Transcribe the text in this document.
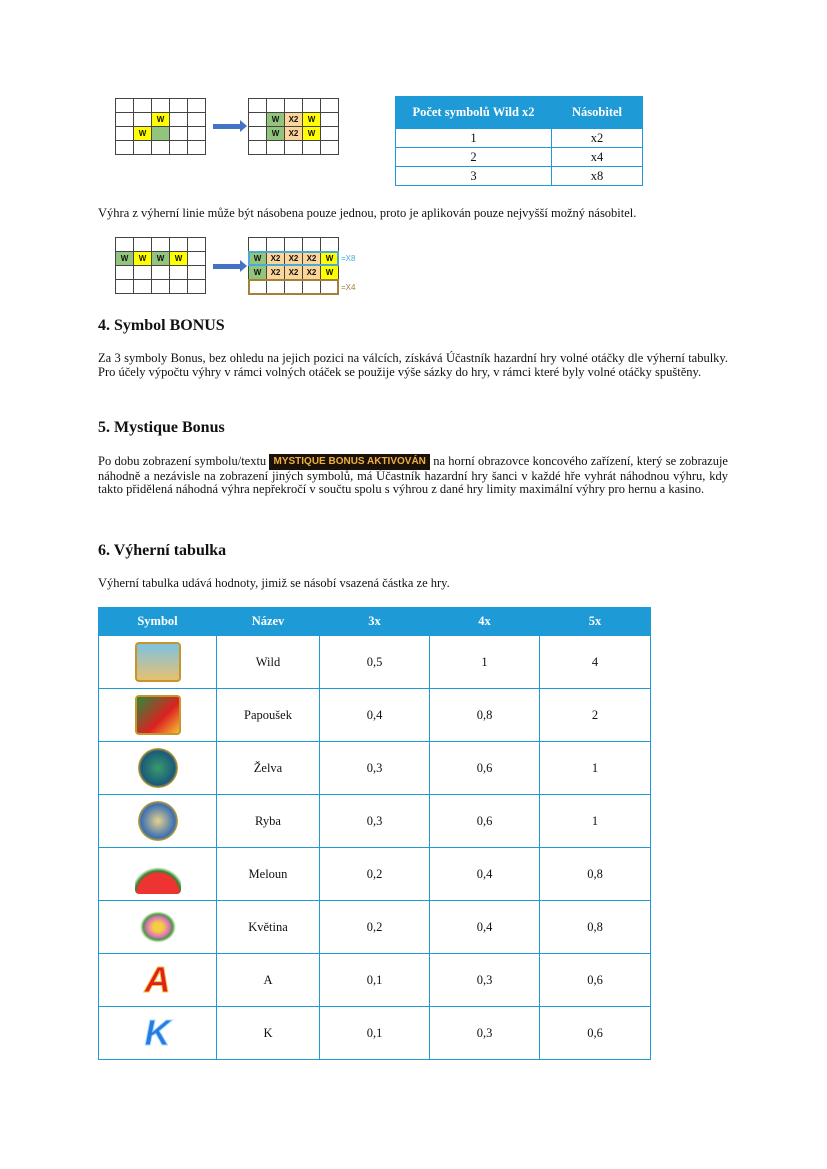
W
W
W	X2	W
W	X2	W
Počet symbolů Wild x2	Násobitel
1	x2
2	x4
3	x8

Výhra z výherní linie může být násobena pouze jednou, proto je aplikován pouze nejvyšší možný násobitel.

W	W	W	W	W	X2	X2	X2	W
W	X2	X2	X2	W
=X8
=X4
4. Symbol BONUS

Za 3 symboly Bonus, bez ohledu na jejich pozici na válcích, získává Účastník hazardní hry volné otáčky dle výherní tabulky. Pro účely výpočtu výhry v rámci volných otáček se použije výše sázky do hry, v rámci které byly volné otáčky spuštěny.

5. Mystique Bonus

Po dobu zobrazení symbolu/textu MYSTIQUE BONUS AKTIVOVÁN na horní obrazovce koncového zařízení, který se zobrazuje náhodně a nezávisle na zobrazení jiných symbolů, má Účastník hazardní hry šanci v každé hře vyhrát náhodnou výhru, kdy takto přidělená náhodná výhra nepřekročí v součtu spolu s výhrou z dané hry limity maximální výhry pro hernu a kasino.

6. Výherní tabulka

Výherní tabulka udává hodnoty, jimiž se násobí vsazená částka ze hry.

Symbol	Název	3x	4x	5x

	Wild	0,5	1	4

	Papoušek	0,4	0,8	2

	Želva	0,3	0,6	1

	Ryba	0,3	0,6	1

	Meloun	0,2	0,4	0,8

	Květina	0,2	0,4	0,8

A	A	0,1	0,3	0,6

K	K	0,1	0,3	0,6
